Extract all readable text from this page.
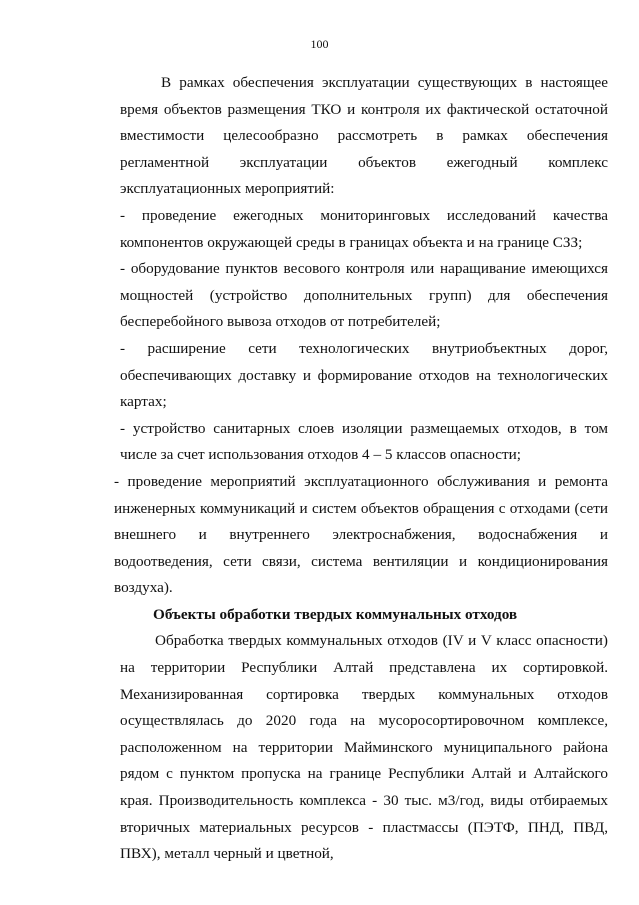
100

В рамках обеспечения эксплуатации существующих в настоящее время объектов размещения ТКО и контроля их фактической остаточной вместимости целесообразно рассмотреть в рамках обеспечения регламентной эксплуатации объектов ежегодный комплекс эксплуатационных мероприятий:

- проведение ежегодных мониторинговых исследований качества компонентов окружающей среды в границах объекта и на границе СЗЗ;

- оборудование пунктов весового контроля или наращивание имеющихся мощностей (устройство дополнительных групп) для обеспечения бесперебойного вывоза отходов от потребителей;

- расширение сети технологических внутриобъектных дорог, обеспечивающих доставку и формирование отходов на технологических картах;

- устройство санитарных слоев изоляции размещаемых отходов, в том числе за счет использования отходов 4 – 5 классов опасности;

- проведение мероприятий эксплуатационного обслуживания и ремонта инженерных коммуникаций и систем объектов обращения с отходами (сети внешнего и внутреннего электроснабжения, водоснабжения и водоотведения, сети связи, система вентиляции и кондиционирования воздуха).

Объекты обработки твердых коммунальных отходов

Обработка твердых коммунальных отходов (IV и V класс опасности) на территории Республики Алтай представлена их сортировкой. Механизированная сортировка твердых коммунальных отходов осуществлялась до 2020 года на мусоросортировочном комплексе, расположенном на территории Майминского муниципального района рядом с пунктом пропуска на границе Республики Алтай и Алтайского края. Производительность комплекса - 30 тыс. м3/год, виды отбираемых вторичных материальных ресурсов - пластмассы (ПЭТФ, ПНД, ПВД, ПВХ), металл черный и цветной,
